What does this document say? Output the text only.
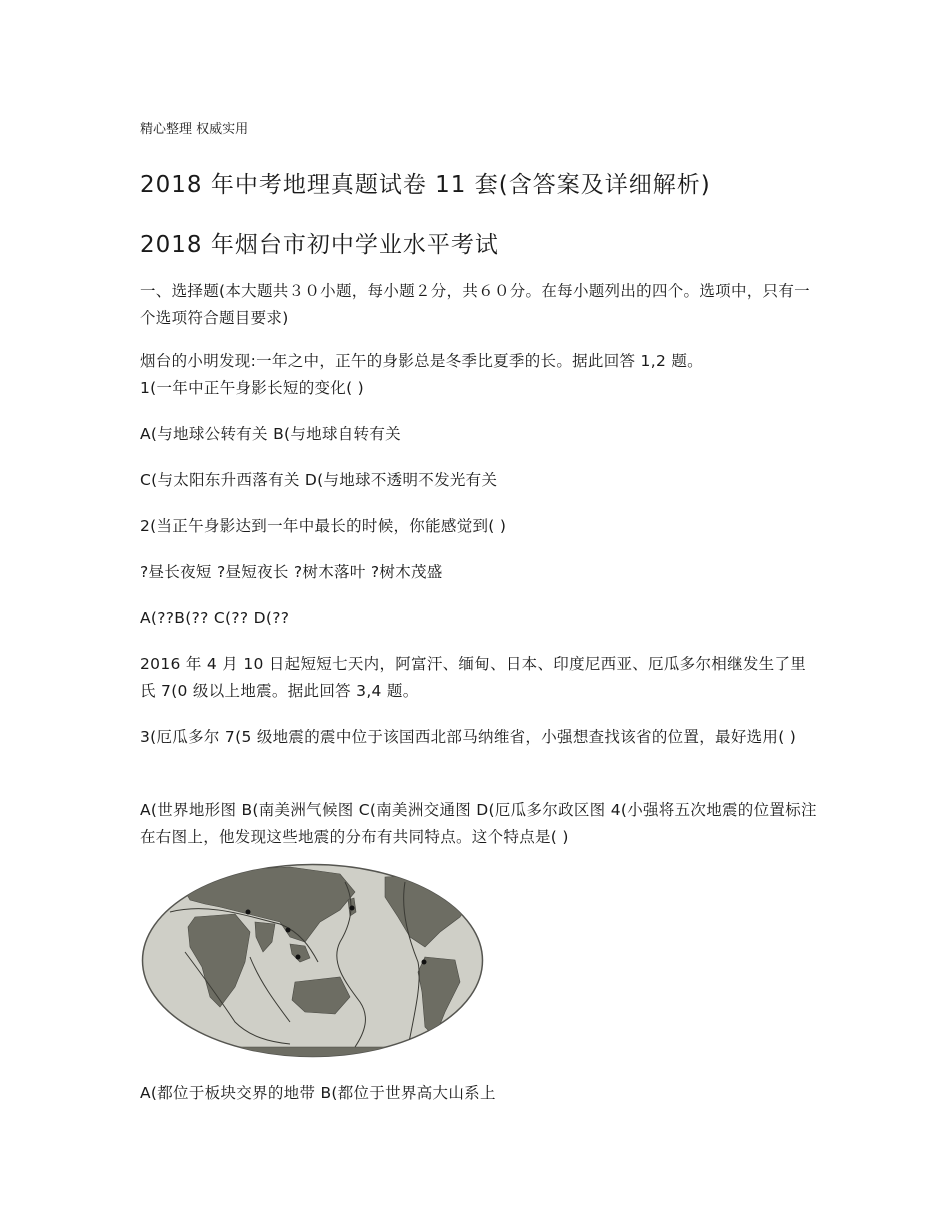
精心整理 权威实用
2018 年中考地理真题试卷 11 套(含答案及详细解析)
2018 年烟台市初中学业水平考试
一、选择题(本大题共３０小题，每小题２分，共６０分。在每小题列出的四个。选项中，只有一个选项符合题目要求)
烟台的小明发现:一年之中，正午的身影总是冬季比夏季的长。据此回答 1,2 题。
1(一年中正午身影长短的变化( )
A(与地球公转有关 B(与地球自转有关
C(与太阳东升西落有关 D(与地球不透明不发光有关
2(当正午身影达到一年中最长的时候，你能感觉到( )
?昼长夜短 ?昼短夜长 ?树木落叶 ?树木茂盛
A(??B(?? C(?? D(??
2016 年 4 月 10 日起短短七天内，阿富汗、缅甸、日本、印度尼西亚、厄瓜多尔相继发生了里氏 7(0 级以上地震。据此回答 3,4 题。
3(厄瓜多尔 7(5 级地震的震中位于该国西北部马纳维省，小强想查找该省的位置，最好选用( )
A(世界地形图 B(南美洲气候图 C(南美洲交通图 D(厄瓜多尔政区图 4(小强将五次地震的位置标注在右图上，他发现这些地震的分布有共同特点。这个特点是( )
A(都位于板块交界的地带 B(都位于世界高大山系上
